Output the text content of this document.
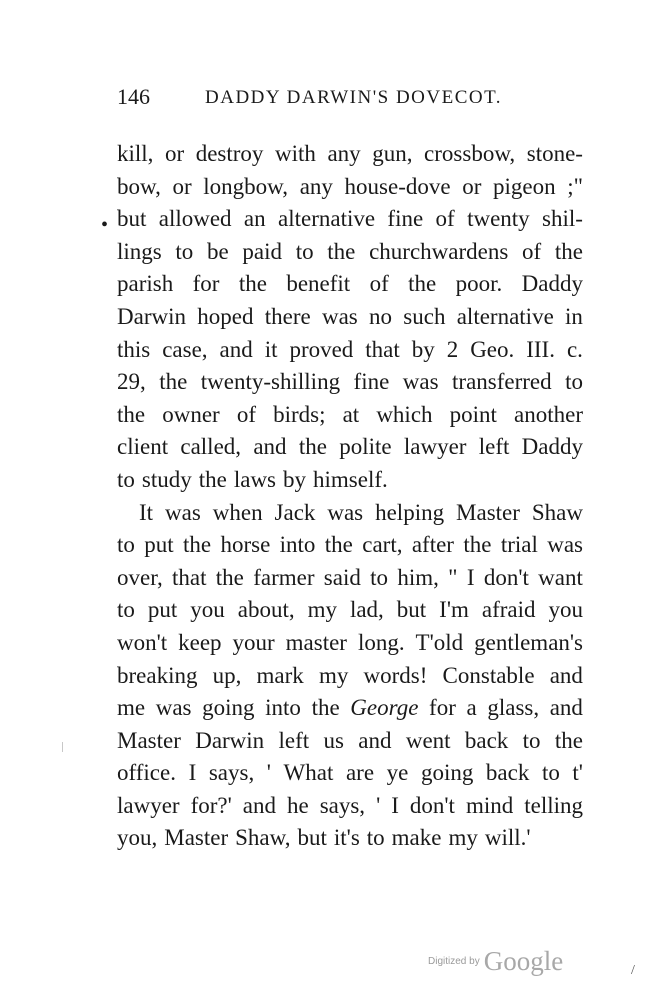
146	DADDY DARWIN'S DOVECOT.
•
kill, or destroy with any gun, crossbow, stone-
bow, or longbow, any house-dove or pigeon ;"
but allowed an alternative fine of twenty shil-
lings to be paid to the churchwardens of the
parish for the benefit of the poor. Daddy
Darwin hoped there was no such alternative in
this case, and it proved that by 2 Geo. III. c.
29, the twenty-shilling fine was transferred to
the owner of birds; at which point another
client called, and the polite lawyer left Daddy
to study the laws by himself.
It was when Jack was helping Master Shaw
to put the horse into the cart, after the trial was
over, that the farmer said to him, " I don't want
to put you about, my lad, but I'm afraid you
won't keep your master long. T'old gentleman's
breaking up, mark my words! Constable and
me was going into the George for a glass, and
Master Darwin left us and went back to the
office. I says, ' What are ye going back to t'
lawyer for?' and he says, ' I don't mind telling
you, Master Shaw, but it's to make my will.'
Digitized by Google	/
